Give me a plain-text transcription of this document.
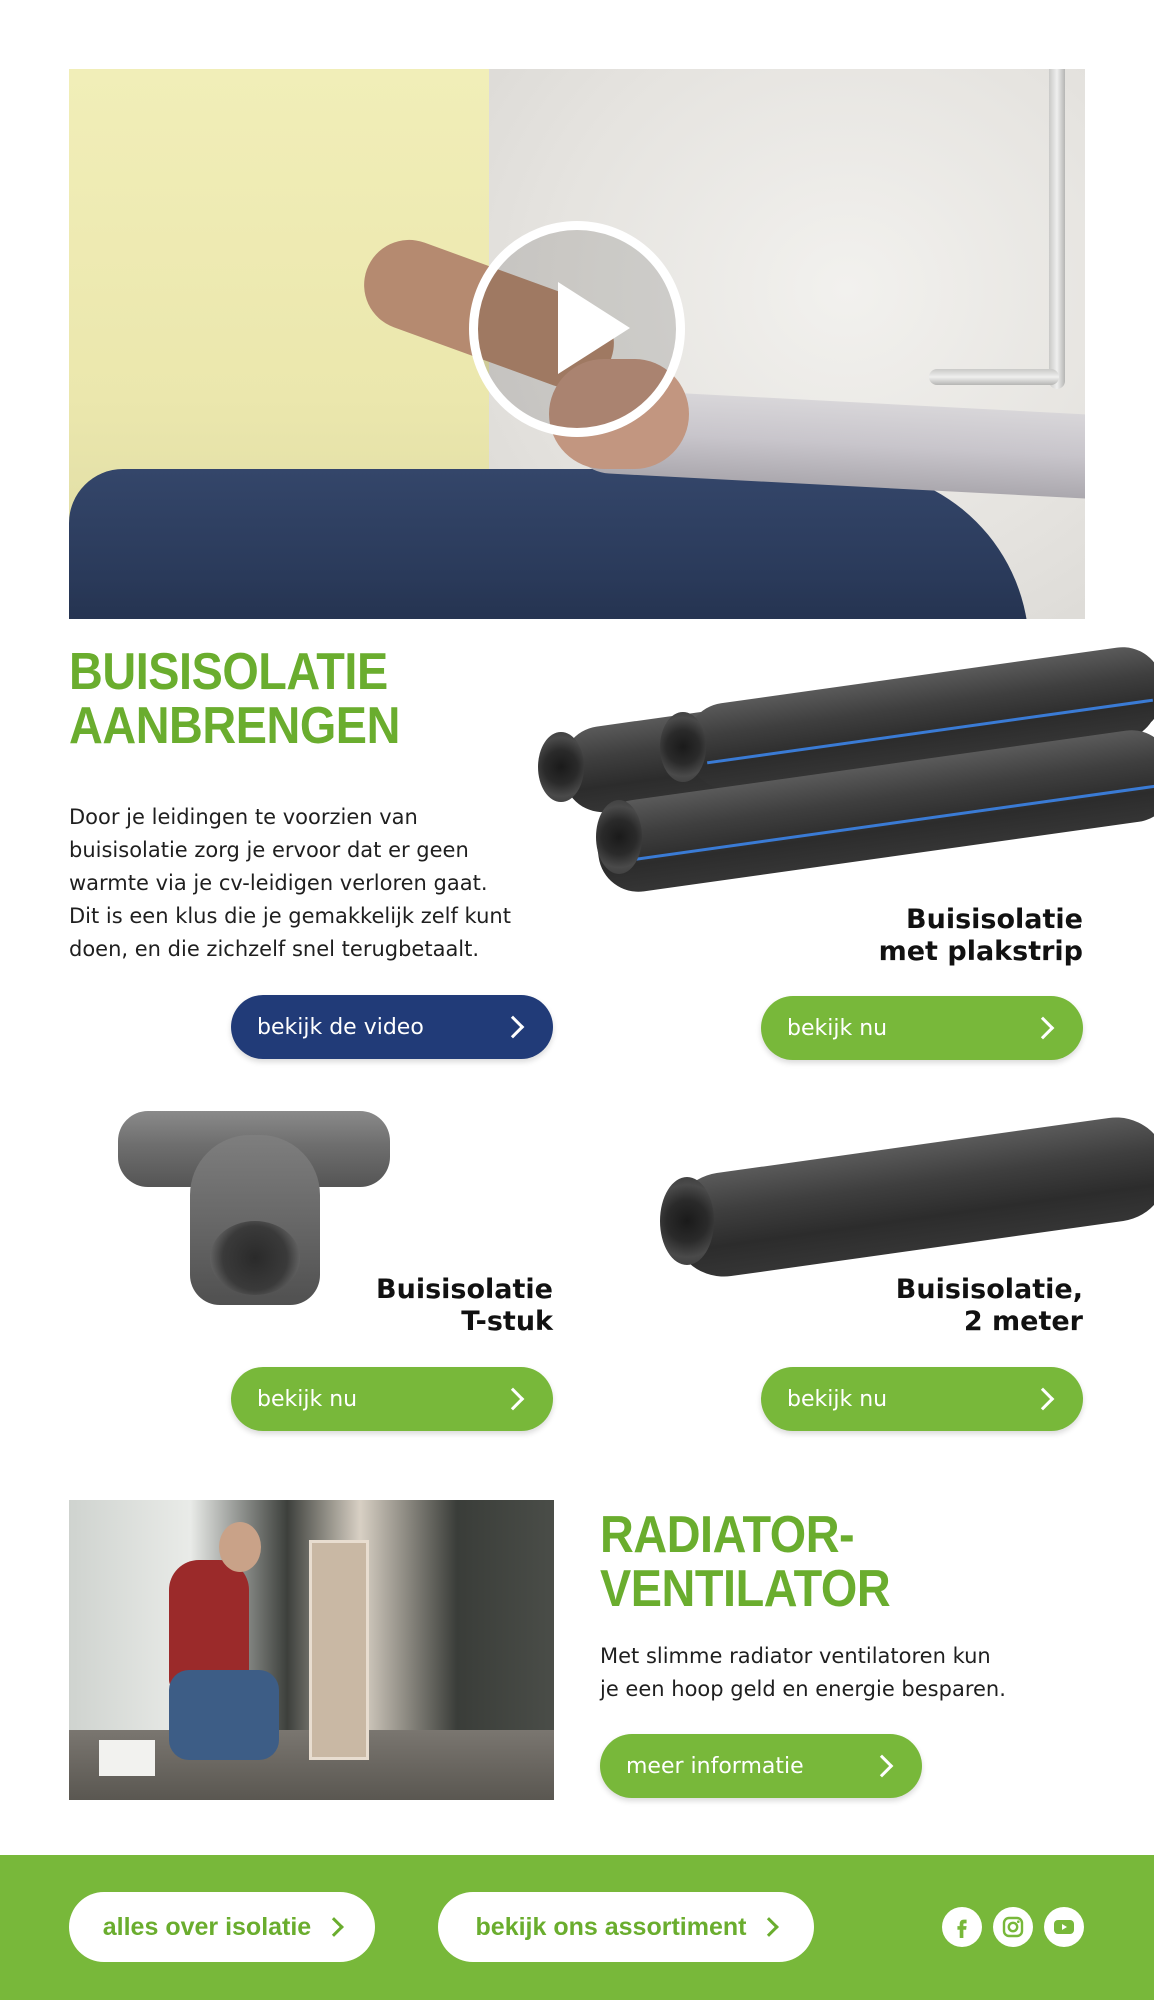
BUISISOLATIE
AANBRENGEN
Door je leidingen te voorzien van
buisisolatie zorg je ervoor dat er geen
warmte via je cv-leidigen verloren gaat.
Dit is een klus die je gemakkelijk zelf kunt
doen, en die zichzelf snel terugbetaalt.
bekijk de video
Buisisolatie
met plakstrip
bekijk nu
Buisisolatie
T-stuk
bekijk nu
Buisisolatie,
2 meter
bekijk nu
RADIATOR-
VENTILATOR
Met slimme radiator ventilatoren kun
je een hoop geld en energie besparen.
meer informatie
alles over isolatie	bekijk ons assortiment
